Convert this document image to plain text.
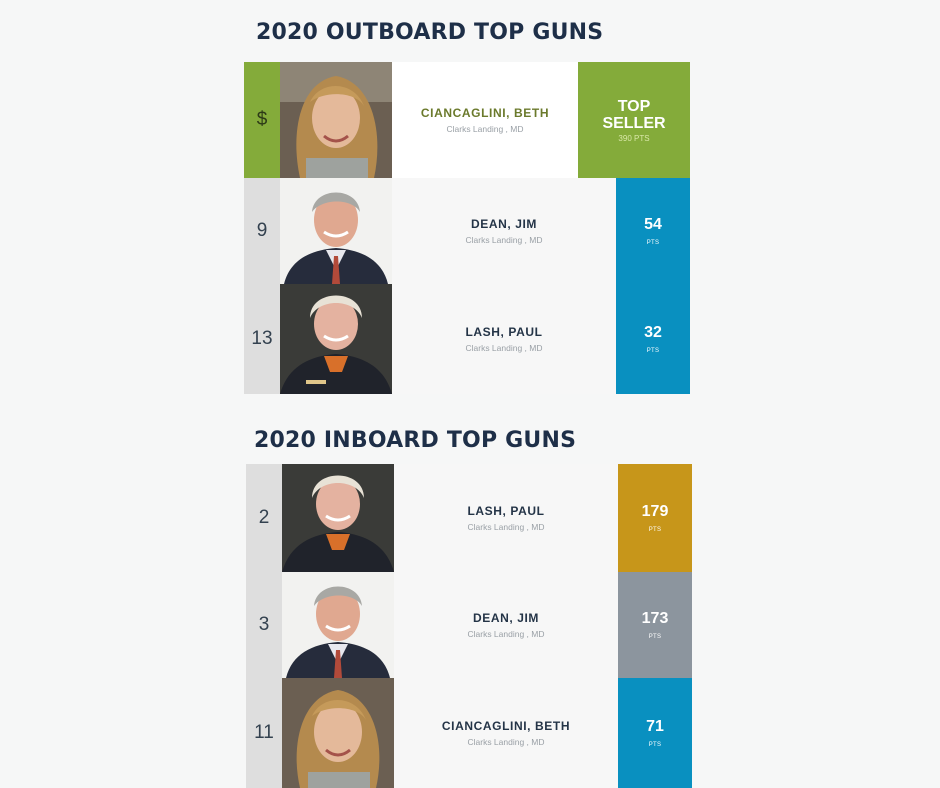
2020 OUTBOARD TOP GUNS
$	CIANCAGLINI, BETH
Clarks Landing , MD
TOP
SELLER
390 PTS
9	DEAN, JIM
Clarks Landing , MD
54
PTS
13	LASH, PAUL
Clarks Landing , MD
32
PTS
2020 INBOARD TOP GUNS
2	LASH, PAUL
Clarks Landing , MD
179
PTS
3	DEAN, JIM
Clarks Landing , MD
173
PTS
11	CIANCAGLINI, BETH
Clarks Landing , MD
71
PTS
